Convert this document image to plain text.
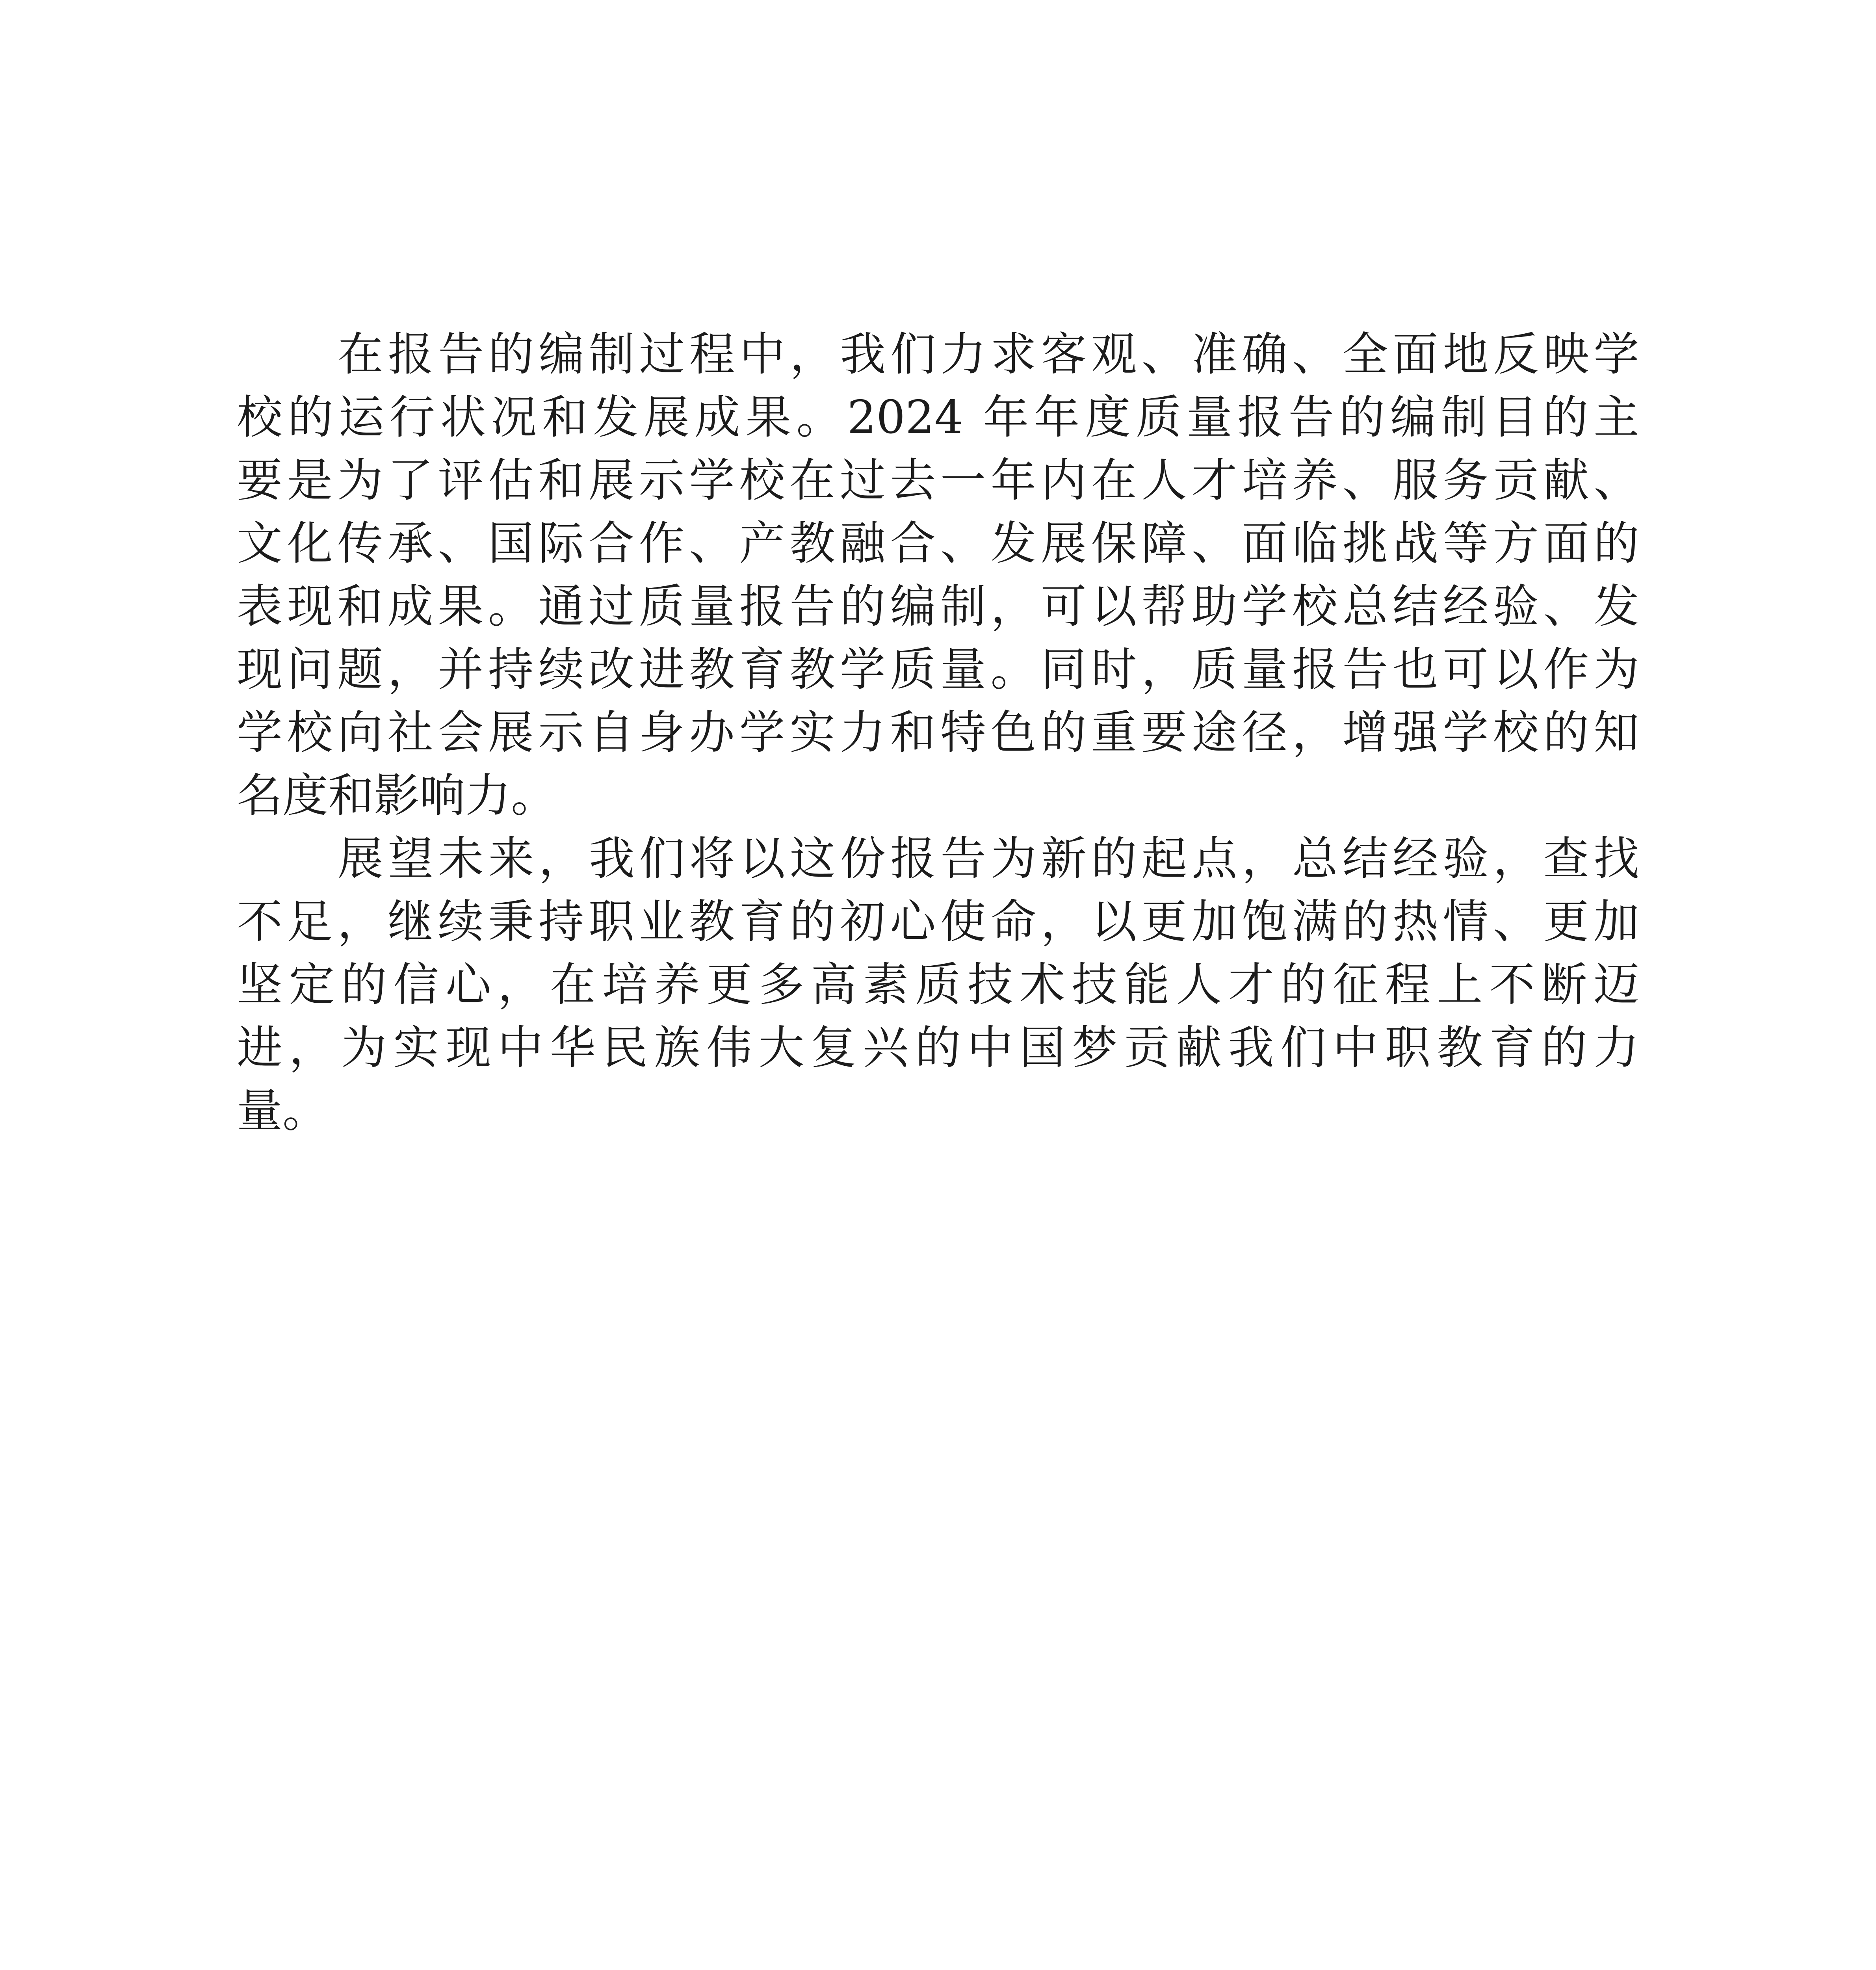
在报告的编制过程中，我们力求客观、准确、全面地反映学
校的运行状况和发展成果。2024 年年度质量报告的编制目的主
要是为了评估和展示学校在过去一年内在人才培养、服务贡献、
文化传承、国际合作、产教融合、发展保障、面临挑战等方面的
表现和成果。通过质量报告的编制，可以帮助学校总结经验、发
现问题，并持续改进教育教学质量。同时，质量报告也可以作为
学校向社会展示自身办学实力和特色的重要途径，增强学校的知
名度和影响力。
展望未来，我们将以这份报告为新的起点，总结经验，查找
不足，继续秉持职业教育的初心使命，以更加饱满的热情、更加
坚定的信心，在培养更多高素质技术技能人才的征程上不断迈
进，为实现中华民族伟大复兴的中国梦贡献我们中职教育的力
量。
